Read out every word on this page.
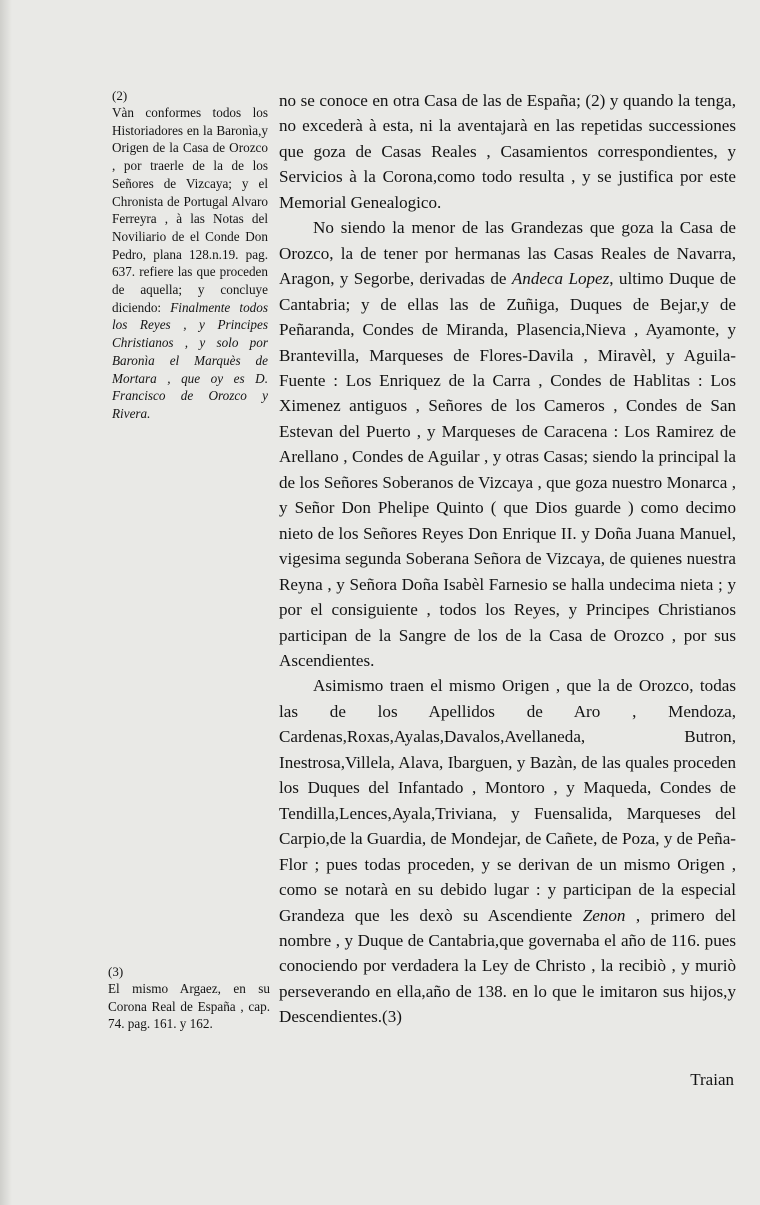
(2)
Vàn conformes todos los Historiadores en la Baronìa,y Origen de la Casa de Orozco , por traerle de la de los Señores de Vizcaya; y el Chronista de Portugal Alvaro Ferreyra , à las Notas del Noviliario de el Conde Don Pedro, plana 128.n.19. pag. 637. refiere las que proceden de aquella; y concluye diciendo: Finalmente todos los Reyes , y Principes Christianos , y solo por Baronìa el Marquès de Mortara , que oy es D. Francisco de Orozco y Rivera.
(3)
El mismo Argaez, en su Corona Real de España , cap. 74. pag. 161. y 162.

no se conoce en otra Casa de las de España; (2) y quando la tenga, no excederà à esta, ni la aventajarà en las repetidas successiones que goza de Casas Reales , Casamientos correspondientes, y Servicios à la Corona,como todo resulta , y se justifica por este Memorial Genealogico.

No siendo la menor de las Grandezas que goza la Casa de Orozco, la de tener por hermanas las Casas Reales de Navarra, Aragon, y Segorbe, derivadas de Andeca Lopez, ultimo Duque de Cantabria; y de ellas las de Zuñiga, Duques de Bejar,y de Peñaranda, Condes de Miranda, Plasencia,Nieva , Ayamonte, y Brantevilla, Marqueses de Flores-Davila , Miravèl, y Aguila-Fuente : Los Enriquez de la Carra , Condes de Hablitas : Los Ximenez antiguos , Señores de los Cameros , Condes de San Estevan del Puerto , y Marqueses de Caracena : Los Ramirez de Arellano , Condes de Aguilar , y otras Casas; siendo la principal la de los Señores Soberanos de Vizcaya , que goza nuestro Monarca , y Señor Don Phelipe Quinto ( que Dios guarde ) como decimo nieto de los Señores Reyes Don Enrique II. y Doña Juana Manuel, vigesima segunda Soberana Señora de Vizcaya, de quienes nuestra Reyna , y Señora Doña Isabèl Farnesio se halla undecima nieta ; y por el consiguiente , todos los Reyes, y Principes Christianos participan de la Sangre de los de la Casa de Orozco , por sus Ascendientes.

Asimismo traen el mismo Origen , que la de Orozco, todas las de los Apellidos de Aro , Mendoza, Cardenas,Roxas,Ayalas,Davalos,Avellaneda, Butron, Inestrosa,Villela, Alava, Ibarguen, y Bazàn, de las quales proceden los Duques del Infantado , Montoro , y Maqueda, Condes de Tendilla,Lences,Ayala,Triviana, y Fuensalida, Marqueses del Carpio,de la Guardia, de Mondejar, de Cañete, de Poza, y de Peña-Flor ; pues todas proceden, y se derivan de un mismo Origen , como se notarà en su debido lugar : y participan de la especial Grandeza que les dexò su Ascendiente Zenon , primero del nombre , y Duque de Cantabria,que governaba el año de 116. pues conociendo por verdadera la Ley de Christo , la recibiò , y muriò perseverando en ella,año de 138. en lo que le imitaron sus hijos,y Descendientes.(3)

Traian
